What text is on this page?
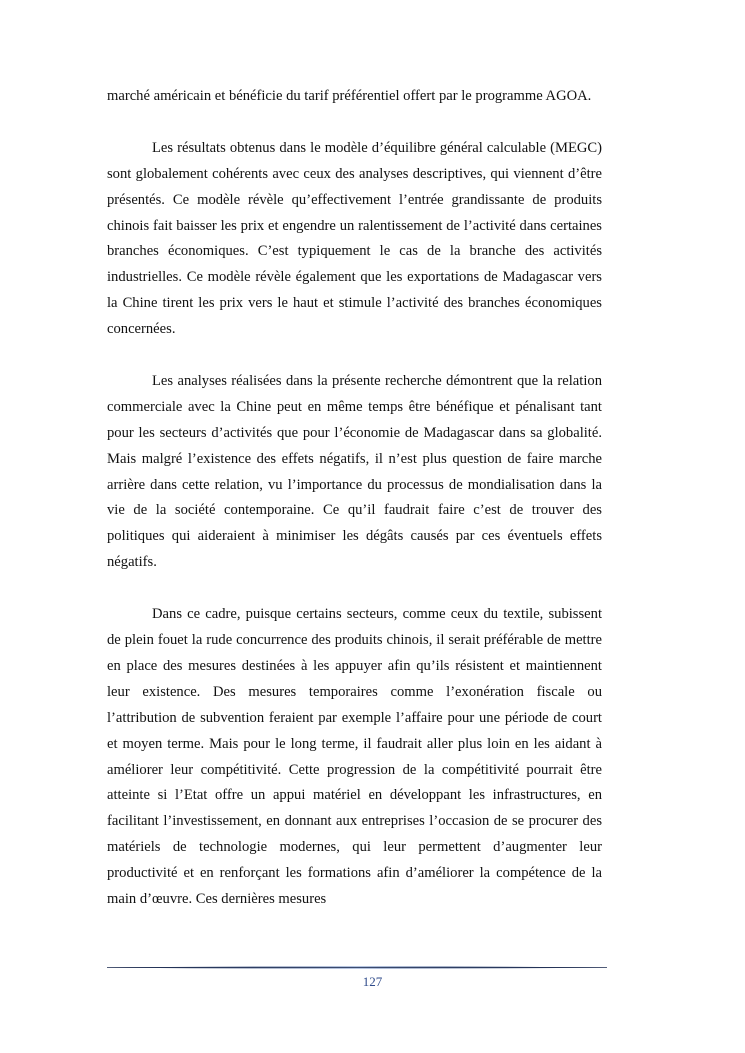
marché américain et bénéficie du tarif préférentiel offert par le programme AGOA.

Les résultats obtenus dans le modèle d’équilibre général calculable (MEGC) sont globalement cohérents avec ceux des analyses descriptives, qui viennent d’être présentés. Ce modèle révèle qu’effectivement l’entrée grandissante de produits chinois fait baisser les prix et engendre un ralentissement de l’activité dans certaines branches économiques. C’est typiquement le cas de la branche des activités industrielles. Ce modèle révèle également que les exportations de Madagascar vers la Chine tirent les prix vers le haut et stimule l’activité des branches économiques concernées.

Les analyses réalisées dans la présente recherche démontrent que la relation commerciale avec la Chine peut en même temps être bénéfique et pénalisant tant pour les secteurs d’activités que pour l’économie de Madagascar dans sa globalité. Mais malgré l’existence des effets négatifs, il n’est plus question de faire marche arrière dans cette relation, vu l’importance du processus de mondialisation dans la vie de la société contemporaine. Ce qu’il faudrait faire c’est de trouver des politiques qui aideraient à minimiser les dégâts causés par ces éventuels effets négatifs.

Dans ce cadre, puisque certains secteurs, comme ceux du textile, subissent de plein fouet la rude concurrence des produits chinois, il serait préférable de mettre en place des mesures destinées à les appuyer afin qu’ils résistent et maintiennent leur existence. Des mesures temporaires comme l’exonération fiscale ou l’attribution de subvention feraient par exemple l’affaire pour une période de court et moyen terme. Mais pour le long terme, il faudrait aller plus loin en les aidant à améliorer leur compétitivité. Cette progression de la compétitivité pourrait être atteinte si l’Etat offre un appui matériel en développant les infrastructures, en facilitant l’investissement, en donnant aux entreprises l’occasion de se procurer des matériels de technologie modernes, qui leur permettent d’augmenter leur productivité et en renforçant les formations afin d’améliorer la compétence de la main d’œuvre. Ces dernières mesures

127
